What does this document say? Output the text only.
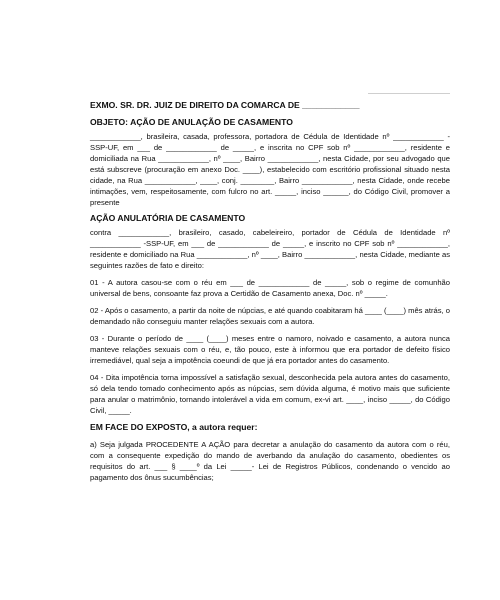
EXMO. SR. DR. JUIZ DE DIREITO DA COMARCA DE ____________

OBJETO: AÇÃO DE ANULAÇÃO DE CASAMENTO

____________, brasileira, casada, professora, portadora de Cédula de Identidade nº ____________ - SSP-UF, em ___ de ____________ de _____, e inscrita no CPF sob nº ____________, residente e domiciliada na Rua ____________, nº ____, Bairro ____________, nesta Cidade, por seu advogado que está subscreve (procuração em anexo Doc. ____), estabelecido com escritório profissional situado nesta cidade, na Rua ____________, ____, conj. ________, Bairro ____________, nesta Cidade, onde recebe intimações, vem, respeitosamente, com fulcro no art. _____, inciso ______, do Código Civil, promover a presente

AÇÃO ANULATÓRIA DE CASAMENTO

contra ____________, brasileiro, casado, cabeleireiro, portador de Cédula de Identidade nº ____________ -SSP-UF, em ___ de ____________ de _____, e inscrito no CPF sob nº ____________, residente e domiciliado na Rua ____________, nº ____, Bairro ____________, nesta Cidade, mediante as seguintes razões de fato e direito:

01 - A autora casou-se com o réu em ___ de ____________ de _____, sob o regime de comunhão universal de bens, consoante faz prova a Certidão de Casamento anexa, Doc. nº _____.

02 - Após o casamento, a partir da noite de núpcias, e até quando coabitaram há ____ (____) mês atrás, o demandado não conseguiu manter relações sexuais com a autora.

03 - Durante o período de ____ (____) meses entre o namoro, noivado e casamento, a autora nunca manteve relações sexuais com o réu, e, tão pouco, este à informou que era portador de defeito físico irremediável, qual seja a impotência coeundi de que já era portador antes do casamento.

04 - Dita impotência torna impossível a satisfação sexual, desconhecida pela autora antes do casamento, só dela tendo tomado conhecimento após as núpcias, sem dúvida alguma, é motivo mais que suficiente para anular o matrimônio, tornando intolerável a vida em comum, ex-vi art. ____, inciso _____, do Código Civil, _____.

EM FACE DO EXPOSTO, a autora requer:

a) Seja julgada PROCEDENTE A AÇÃO para decretar a anulação do casamento da autora com o réu, com a consequente expedição do mando de averbando da anulação do casamento, obedientes os requisitos do art. ___ § ____º da Lei _____- Lei de Registros Públicos, condenando o vencido ao pagamento dos ônus sucumbências;
